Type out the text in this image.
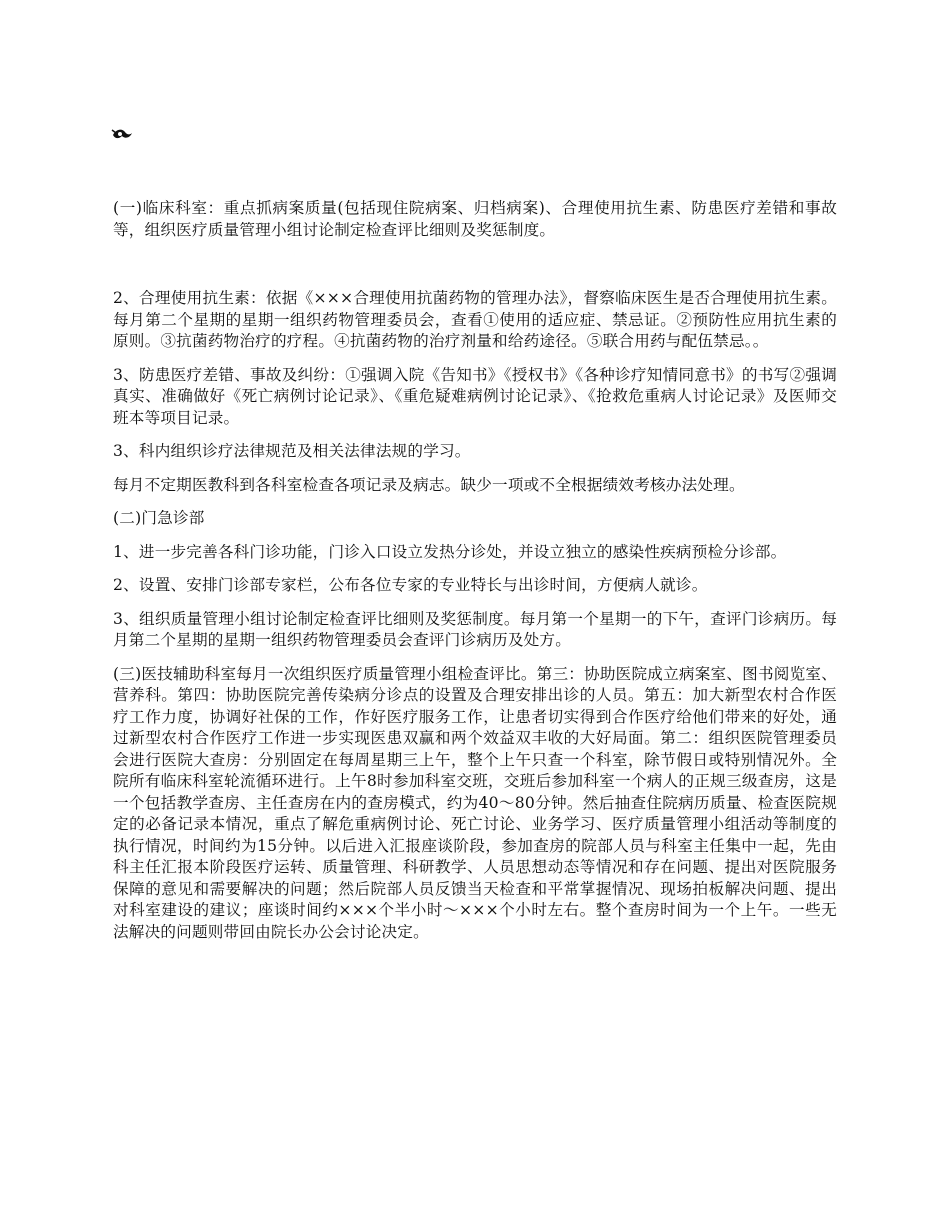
(一)临床科室：重点抓病案质量(包括现住院病案、归档病案)、合理使用抗生素、防患医疗差错和事故等，组织医疗质量管理小组讨论制定检查评比细则及奖惩制度。

2、合理使用抗生素：依据《×××合理使用抗菌药物的管理办法》，督察临床医生是否合理使用抗生素。每月第二个星期的星期一组织药物管理委员会，查看①使用的适应症、禁忌证。②预防性应用抗生素的原则。③抗菌药物治疗的疗程。④抗菌药物的治疗剂量和给药途径。⑤联合用药与配伍禁忌。。

3、防患医疗差错、事故及纠纷：①强调入院《告知书》《授权书》《各种诊疗知情同意书》的书写②强调真实、准确做好《死亡病例讨论记录》、《重危疑难病例讨论记录》、《抢救危重病人讨论记录》及医师交班本等项目记录。

3、科内组织诊疗法律规范及相关法律法规的学习。

每月不定期医教科到各科室检查各项记录及病志。缺少一项或不全根据绩效考核办法处理。

(二)门急诊部

1、进一步完善各科门诊功能，门诊入口设立发热分诊处，并设立独立的感染性疾病预检分诊部。

2、设置、安排门诊部专家栏，公布各位专家的专业特长与出诊时间，方便病人就诊。

3、组织质量管理小组讨论制定检查评比细则及奖惩制度。每月第一个星期一的下午，查评门诊病历。每月第二个星期的星期一组织药物管理委员会查评门诊病历及处方。

(三)医技辅助科室每月一次组织医疗质量管理小组检查评比。第三：协助医院成立病案室、图书阅览室、营养科。第四：协助医院完善传染病分诊点的设置及合理安排出诊的人员。第五：加大新型农村合作医疗工作力度，协调好社保的工作，作好医疗服务工作，让患者切实得到合作医疗给他们带来的好处，通过新型农村合作医疗工作进一步实现医患双赢和两个效益双丰收的大好局面。第二：组织医院管理委员会进行医院大查房：分别固定在每周星期三上午，整个上午只查一个科室，除节假日或特别情况外。全院所有临床科室轮流循环进行。上午8时参加科室交班，交班后参加科室一个病人的正规三级查房，这是一个包括教学查房、主任查房在内的查房模式，约为40～80分钟。然后抽查住院病历质量、检查医院规定的必备记录本情况，重点了解危重病例讨论、死亡讨论、业务学习、医疗质量管理小组活动等制度的执行情况，时间约为15分钟。以后进入汇报座谈阶段，参加查房的院部人员与科室主任集中一起，先由科主任汇报本阶段医疗运转、质量管理、科研教学、人员思想动态等情况和存在问题、提出对医院服务保障的意见和需要解决的问题；然后院部人员反馈当天检查和平常掌握情况、现场拍板解决问题、提出对科室建设的建议；座谈时间约×××个半小时～×××个小时左右。整个查房时间为一个上午。一些无法解决的问题则带回由院长办公会讨论决定。
